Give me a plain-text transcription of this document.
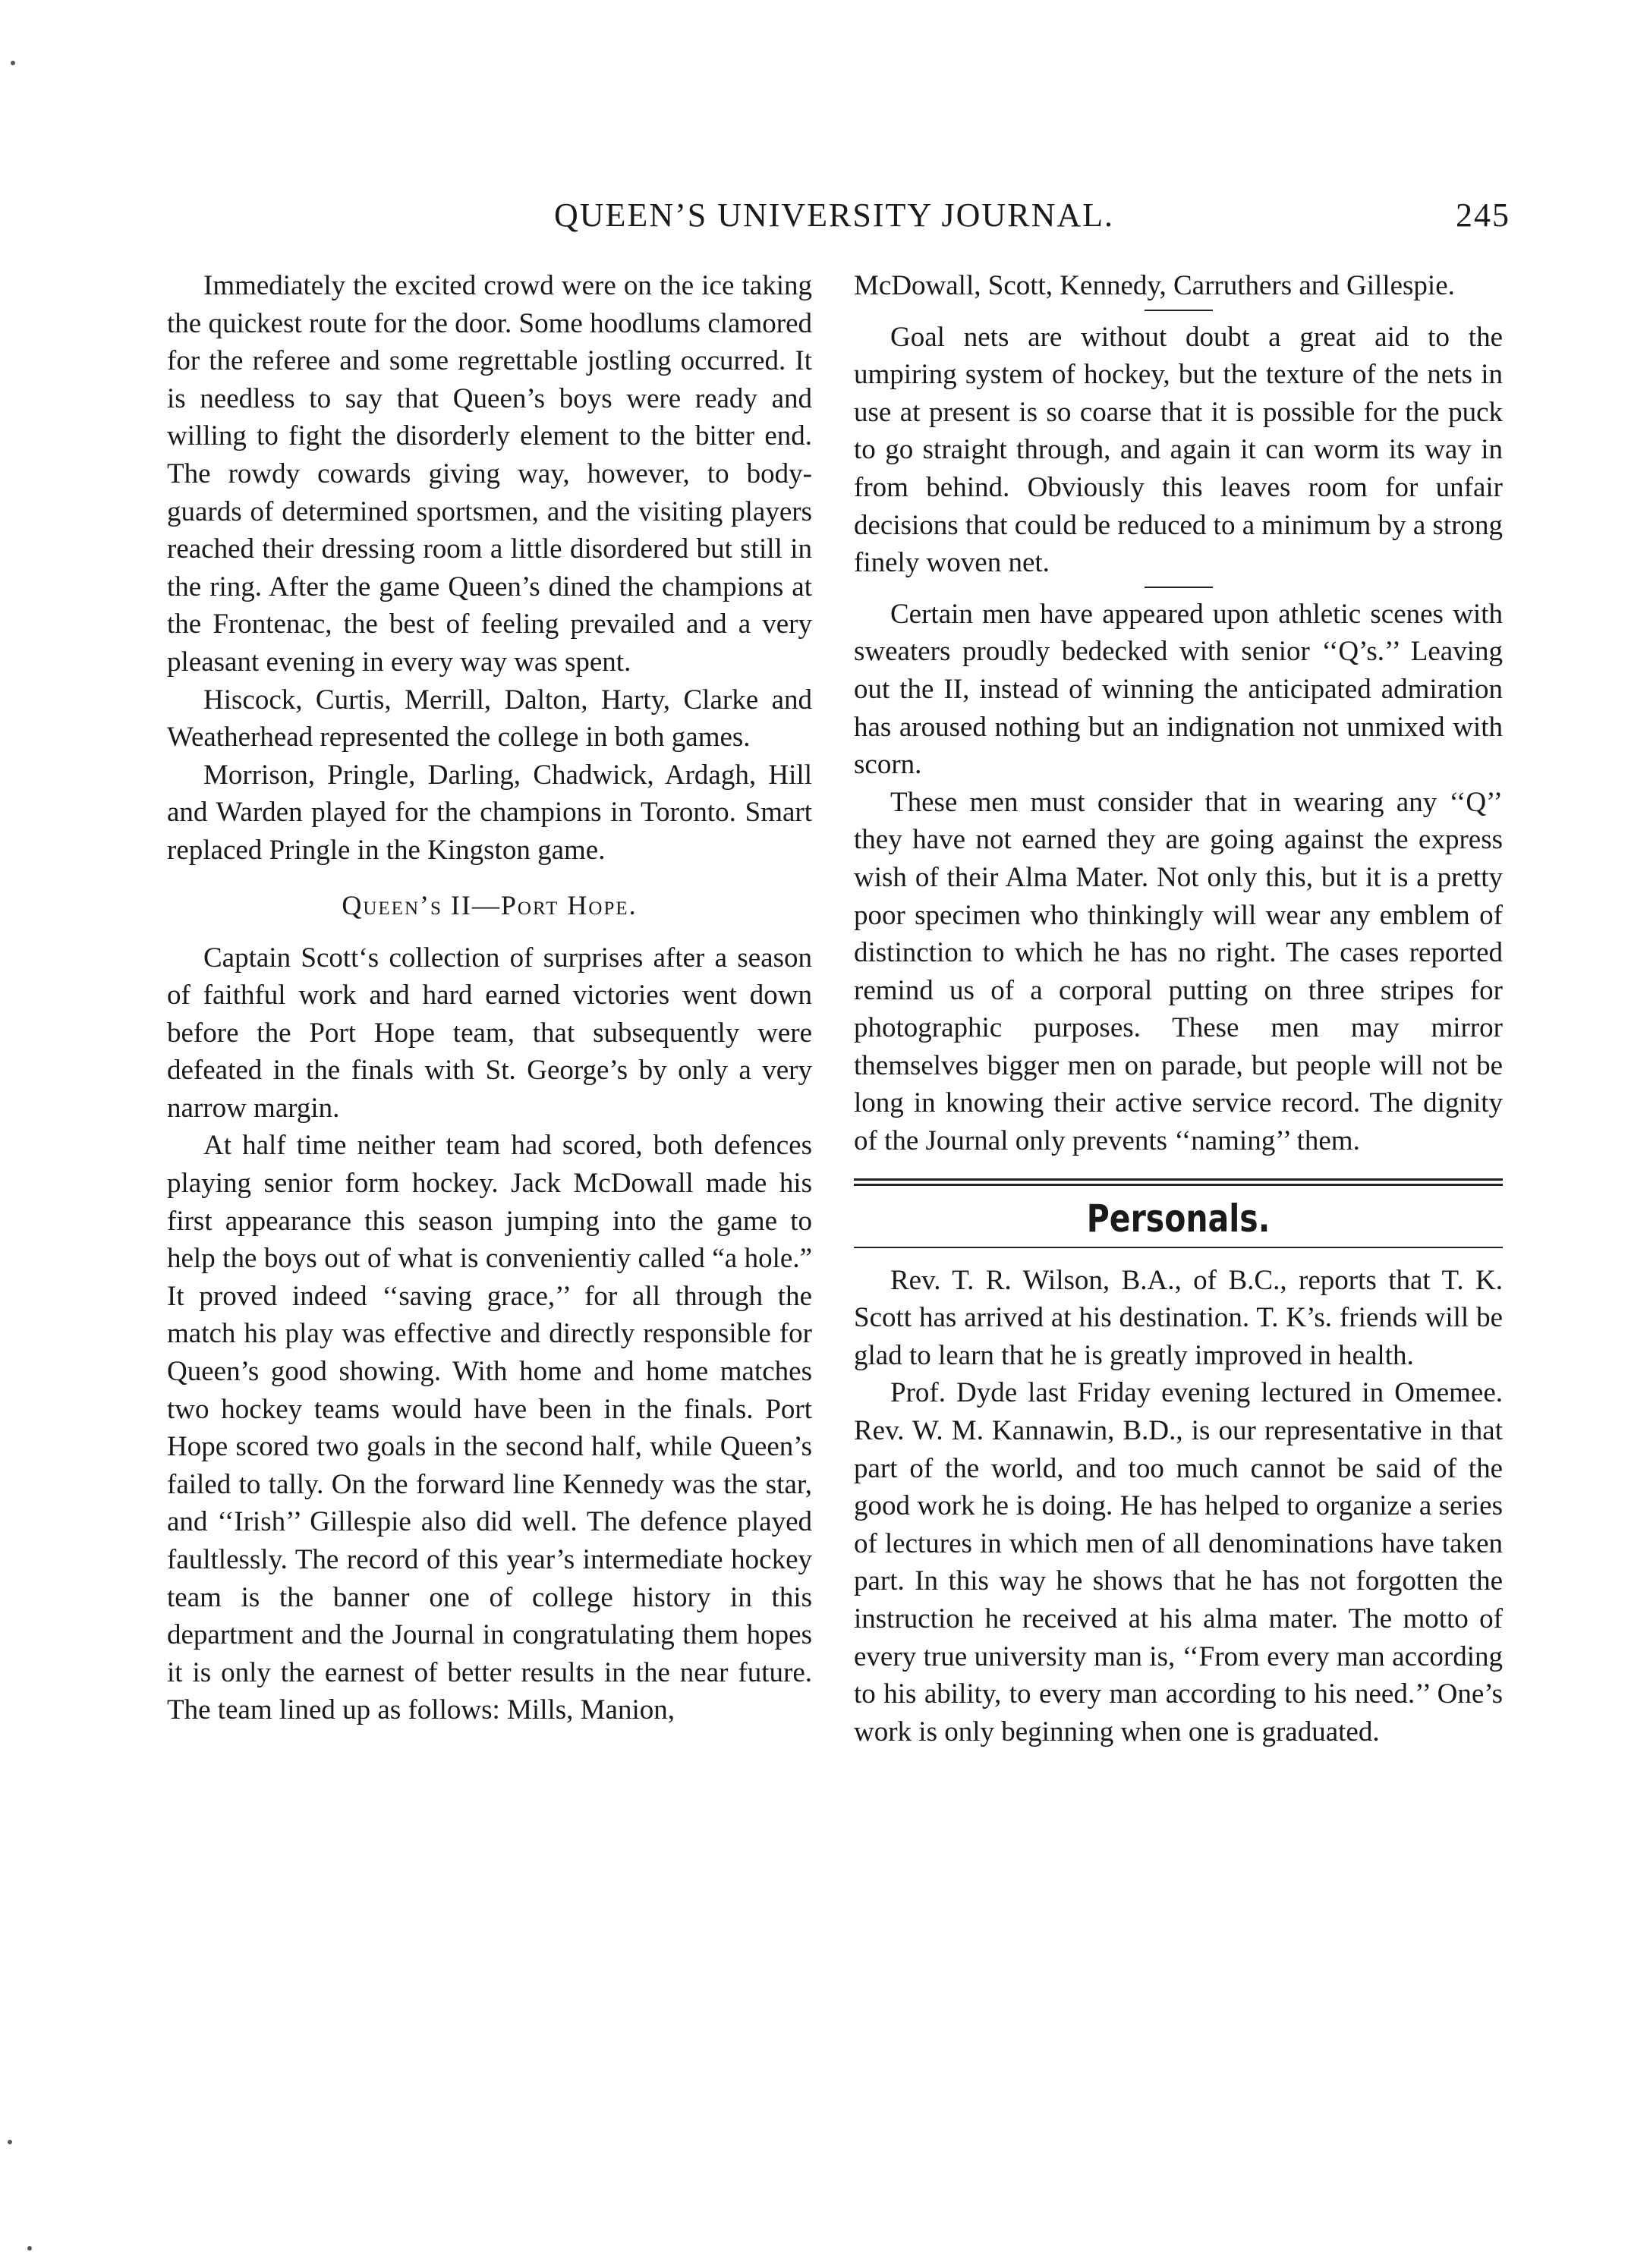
QUEEN’S UNIVERSITY JOURNAL.	245

Immediately the excited crowd were on the ice taking the quickest route for the door. Some hoodlums clamored for the referee and some regrettable jostling occurred. It is needless to say that Queen’s boys were ready and willing to fight the disorderly element to the bitter end. The rowdy cowards giving way, however, to body-guards of determined sportsmen, and the visiting players reached their dressing room a little disordered but still in the ring. After the game Queen’s dined the champions at the Frontenac, the best of feeling prevailed and a very pleasant evening in every way was spent.

Hiscock, Curtis, Merrill, Dalton, Harty, Clarke and Weatherhead represented the college in both games.

Morrison, Pringle, Darling, Chadwick, Ardagh, Hill and Warden played for the champions in Toronto. Smart replaced Pringle in the Kingston game.

Queen’s II—Port Hope.

Captain Scott‘s collection of surprises after a season of faithful work and hard earned victories went down before the Port Hope team, that subsequently were defeated in the finals with St. George’s by only a very narrow margin.

At half time neither team had scored, both defences playing senior form hockey. Jack McDowall made his first appearance this season jumping into the game to help the boys out of what is convenientiy called “a hole.” It proved indeed ‘‘saving grace,’’ for all through the match his play was effective and directly responsible for Queen’s good showing. With home and home matches two hockey teams would have been in the finals. Port Hope scored two goals in the second half, while Queen’s failed to tally. On the forward line Kennedy was the star, and ‘‘Irish’’ Gillespie also did well. The defence played faultlessly. The record of this year’s intermediate hockey team is the banner one of college history in this department and the Journal in congratulating them hopes it is only the earnest of better results in the near future. The team lined up as follows: Mills, Manion,

McDowall, Scott, Kennedy, Carruthers and Gillespie.

Goal nets are without doubt a great aid to the umpiring system of hockey, but the texture of the nets in use at present is so coarse that it is possible for the puck to go straight through, and again it can worm its way in from behind. Obviously this leaves room for unfair decisions that could be reduced to a minimum by a strong finely woven net.

Certain men have appeared upon athletic scenes with sweaters proudly bedecked with senior ‘‘Q’s.’’ Leaving out the II, instead of winning the anticipated admiration has aroused nothing but an indignation not unmixed with scorn.

These men must consider that in wearing any ‘‘Q’’ they have not earned they are going against the express wish of their Alma Mater. Not only this, but it is a pretty poor specimen who thinkingly will wear any emblem of distinction to which he has no right. The cases reported remind us of a corporal putting on three stripes for photographic purposes. These men may mirror themselves bigger men on parade, but people will not be long in knowing their active service record. The dignity of the Journal only prevents ‘‘naming’’ them.

Personals.

Rev. T. R. Wilson, B.A., of B.C., reports that T. K. Scott has arrived at his destination. T. K’s. friends will be glad to learn that he is greatly improved in health.

Prof. Dyde last Friday evening lectured in Omemee. Rev. W. M. Kannawin, B.D., is our representative in that part of the world, and too much cannot be said of the good work he is doing. He has helped to organize a series of lectures in which men of all denominations have taken part. In this way he shows that he has not forgotten the instruction he received at his alma mater. The motto of every true university man is, ‘‘From every man according to his ability, to every man according to his need.’’ One’s work is only beginning when one is graduated.
